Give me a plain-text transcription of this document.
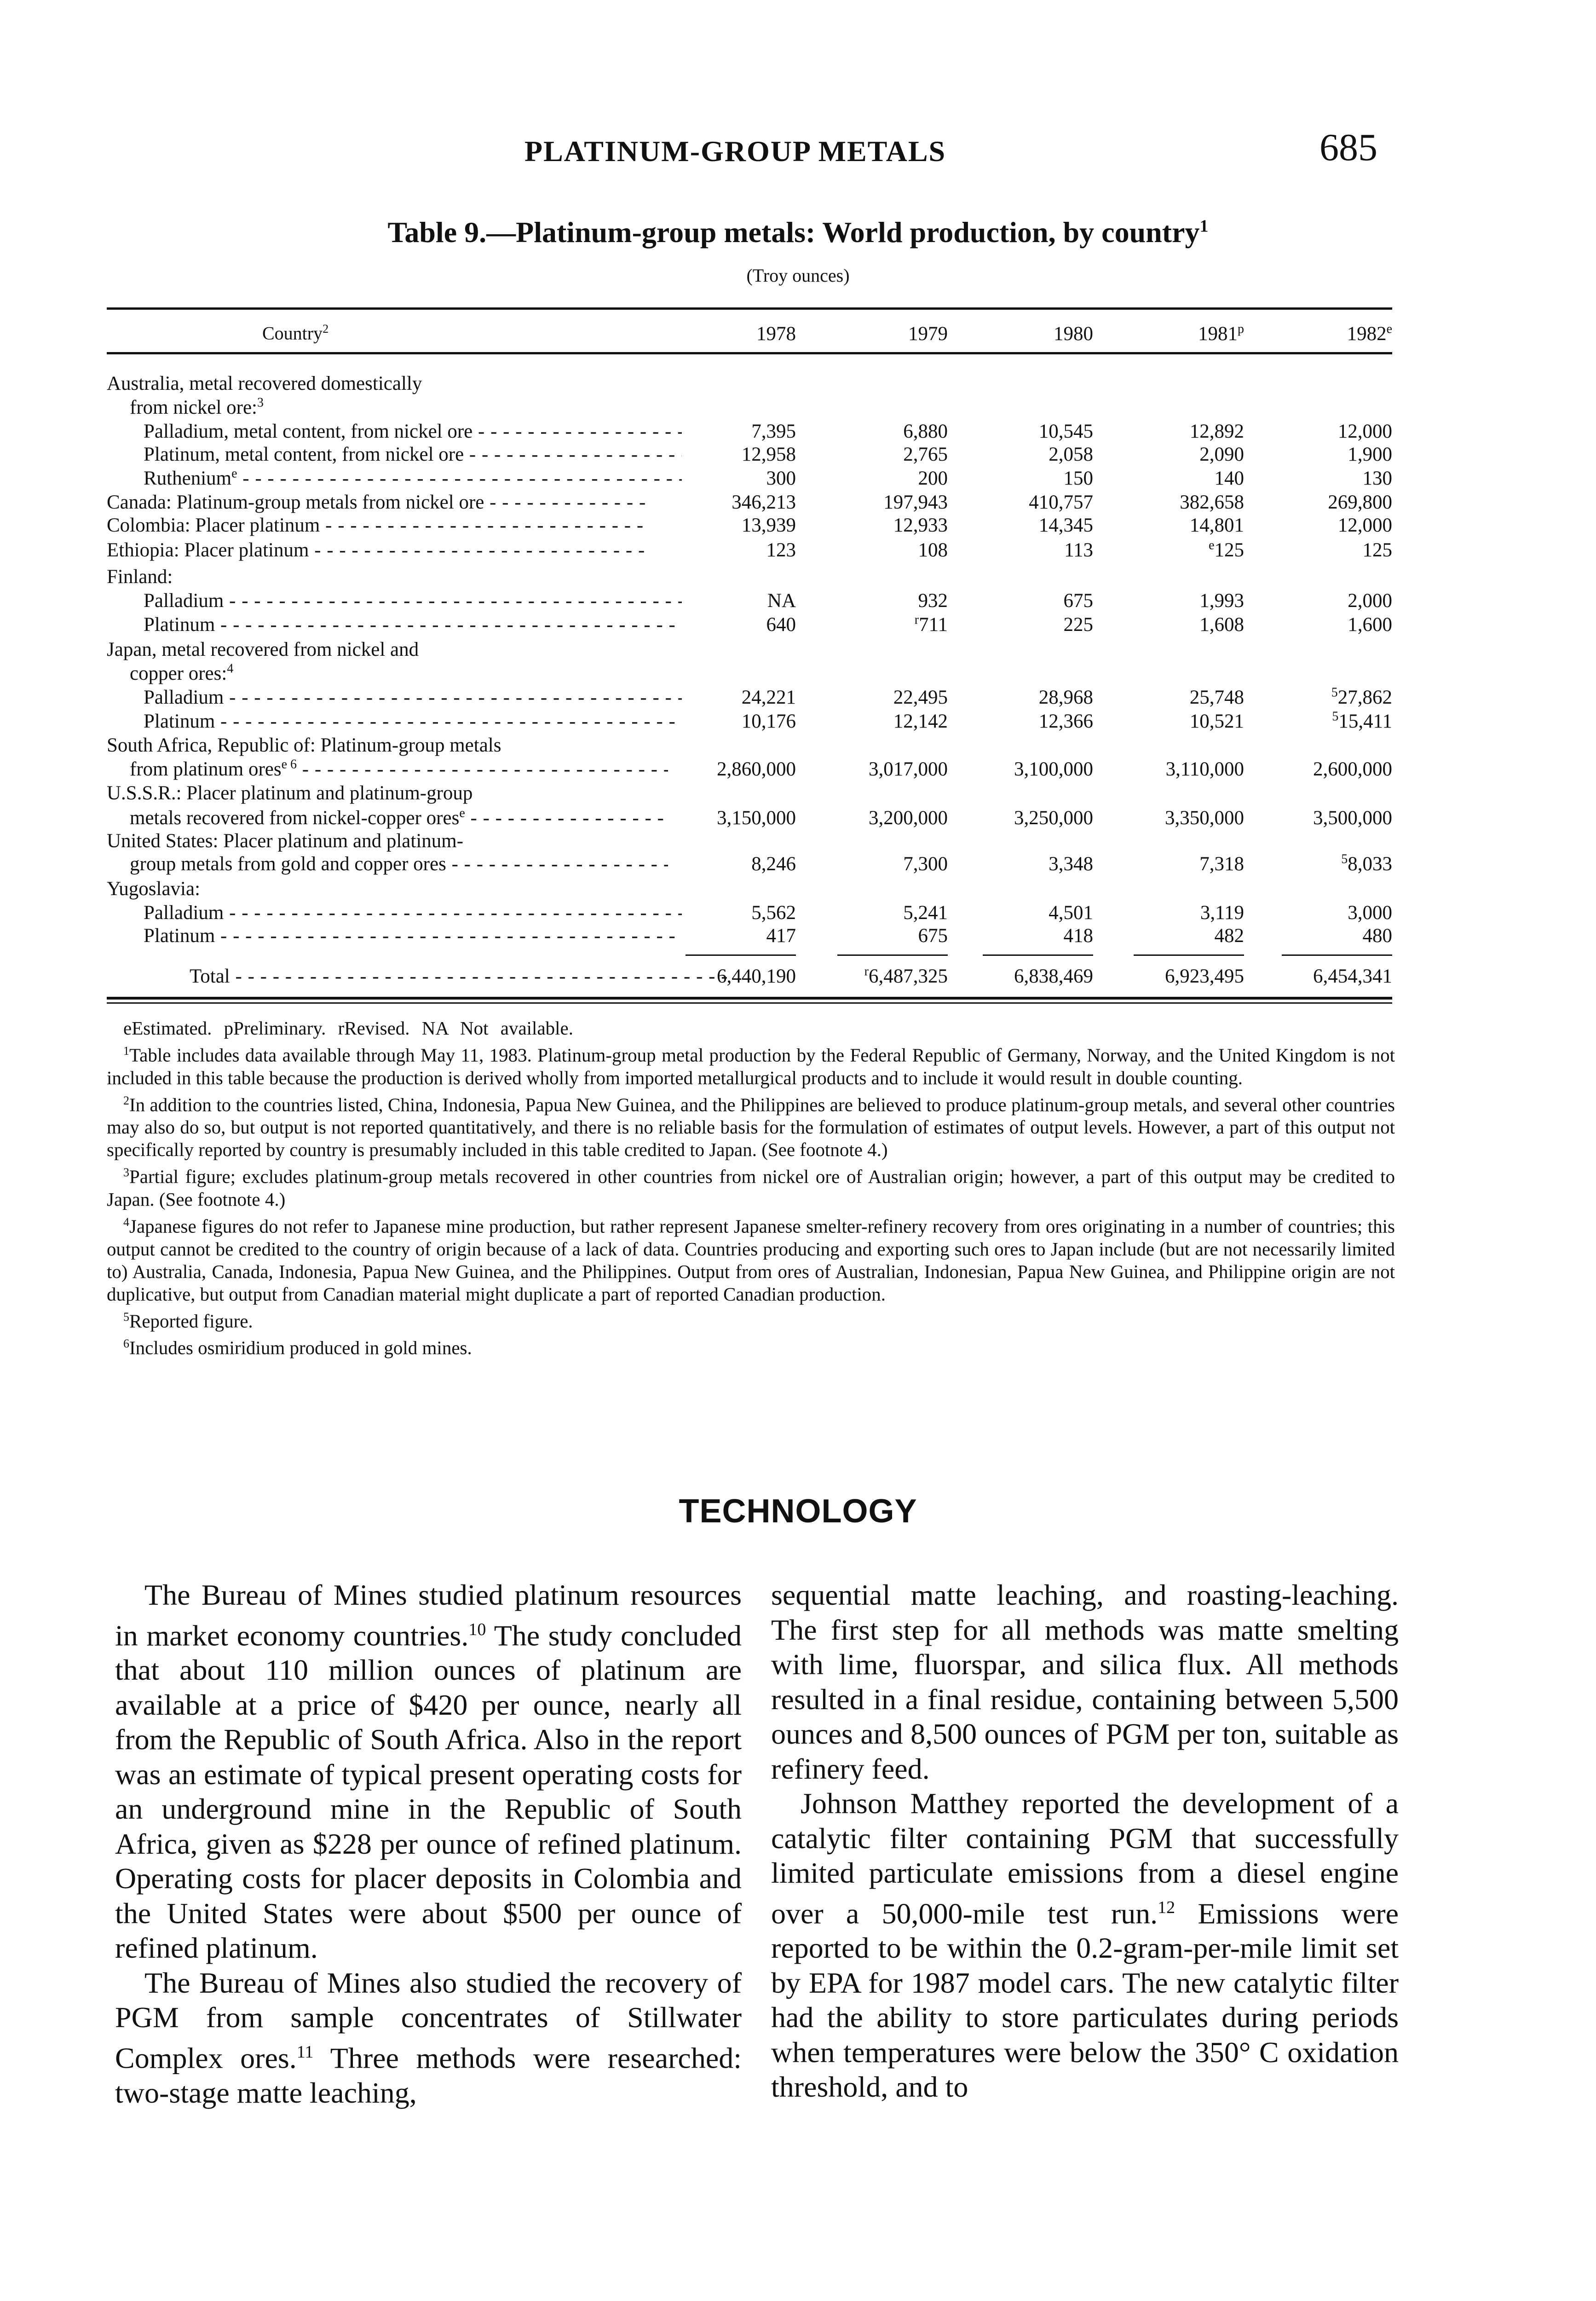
PLATINUM-GROUP METALS	685
Table 9.—Platinum-group metals: World production, by country$^1$
(Troy ounces)
Country$^2$	1978	1979	1980	1981$^p$	1982e
Australia, metal recovered domestically
from nickel ore:$^3$
Palladium, metal content, from nickel ore - - -	7,395	6,880	10,545	12,892	12,000
Platinum, metal content, from nickel ore - - -	12,958	2,765	2,058	2,090	1,900
Ruthenium$^e$ - - -	300	200	150	140	130
Canada: Platinum-group metals from nickel ore - - -	346,213	197,943	410,757	382,658	269,800
Colombia: Placer platinum - - -	13,939	12,933	14,345	14,801	12,000
Ethiopia: Placer platinum - - -	123	108	113	$^e$125	125
Finland:
Palladium - - -	NA	932	675	1,993	2,000
Platinum - - -	640	$^r$711	225	1,608	1,600
Japan, metal recovered from nickel and
copper ores:$^4$
Palladium - - -	24,221	22,495	28,968	25,748	$^5$27,862
Platinum - - -	10,176	12,142	12,366	10,521	$^5$15,411
South Africa, Republic of: Platinum-group metals
from platinum ores$^{e 6}$ - - -	2,860,000	3,017,000	3,100,000	3,110,000	2,600,000
U.S.S.R.: Placer platinum and platinum-group
metals recovered from nickel-copper ores$^e$ - - -	3,150,000	3,200,000	3,250,000	3,350,000	3,500,000
United States: Placer platinum and platinum-
group metals from gold and copper ores - - -	8,246	7,300	3,348	7,318	$^5$8,033
Yugoslavia:
Palladium - - -	5,562	5,241	4,501	3,119	3,000
Platinum - - -	417	675	418	482	480
Total - - -	6,440,190	$^r$6,487,325	6,838,469	6,923,495	6,454,341

eEstimated. pPreliminary. rRevised. NA Not available.

$^1$Table includes data available through May 11, 1983. Platinum-group metal production by the Federal Republic of Germany, Norway, and the United Kingdom is not included in this table because the production is derived wholly from imported metallurgical products and to include it would result in double counting.

$^2$In addition to the countries listed, China, Indonesia, Papua New Guinea, and the Philippines are believed to produce platinum-group metals, and several other countries may also do so, but output is not reported quantitatively, and there is no reliable basis for the formulation of estimates of output levels. However, a part of this output not specifically reported by country is presumably included in this table credited to Japan. (See footnote 4.)

$^3$Partial figure; excludes platinum-group metals recovered in other countries from nickel ore of Australian origin; however, a part of this output may be credited to Japan. (See footnote 4.)

$^4$Japanese figures do not refer to Japanese mine production, but rather represent Japanese smelter-refinery recovery from ores originating in a number of countries; this output cannot be credited to the country of origin because of a lack of data. Countries producing and exporting such ores to Japan include (but are not necessarily limited to) Australia, Canada, Indonesia, Papua New Guinea, and the Philippines. Output from ores of Australian, Indonesian, Papua New Guinea, and Philippine origin are not duplicative, but output from Canadian material might duplicate a part of reported Canadian production.

$^5$Reported figure.

$^6$Includes osmiridium produced in gold mines.

TECHNOLOGY

The Bureau of Mines studied platinum resources in market economy countries.$^{10}$ The study concluded that about 110 million ounces of platinum are available at a price of $420 per ounce, nearly all from the Republic of South Africa. Also in the report was an estimate of typical present operating costs for an underground mine in the Republic of South Africa, given as $228 per ounce of refined platinum. Operating costs for placer deposits in Colombia and the United States were about $500 per ounce of refined platinum.

The Bureau of Mines also studied the recovery of PGM from sample concentrates of Stillwater Complex ores.$^{11}$ Three methods were researched: two-stage matte leaching,

sequential matte leaching, and roasting-leaching. The first step for all methods was matte smelting with lime, fluorspar, and silica flux. All methods resulted in a final residue, containing between 5,500 ounces and 8,500 ounces of PGM per ton, suitable as refinery feed.

Johnson Matthey reported the development of a catalytic filter containing PGM that successfully limited particulate emissions from a diesel engine over a 50,000-mile test run.$^{12}$ Emissions were reported to be within the 0.2-gram-per-mile limit set by EPA for 1987 model cars. The new catalytic filter had the ability to store particulates during periods when temperatures were below the 350° C oxidation threshold, and to
